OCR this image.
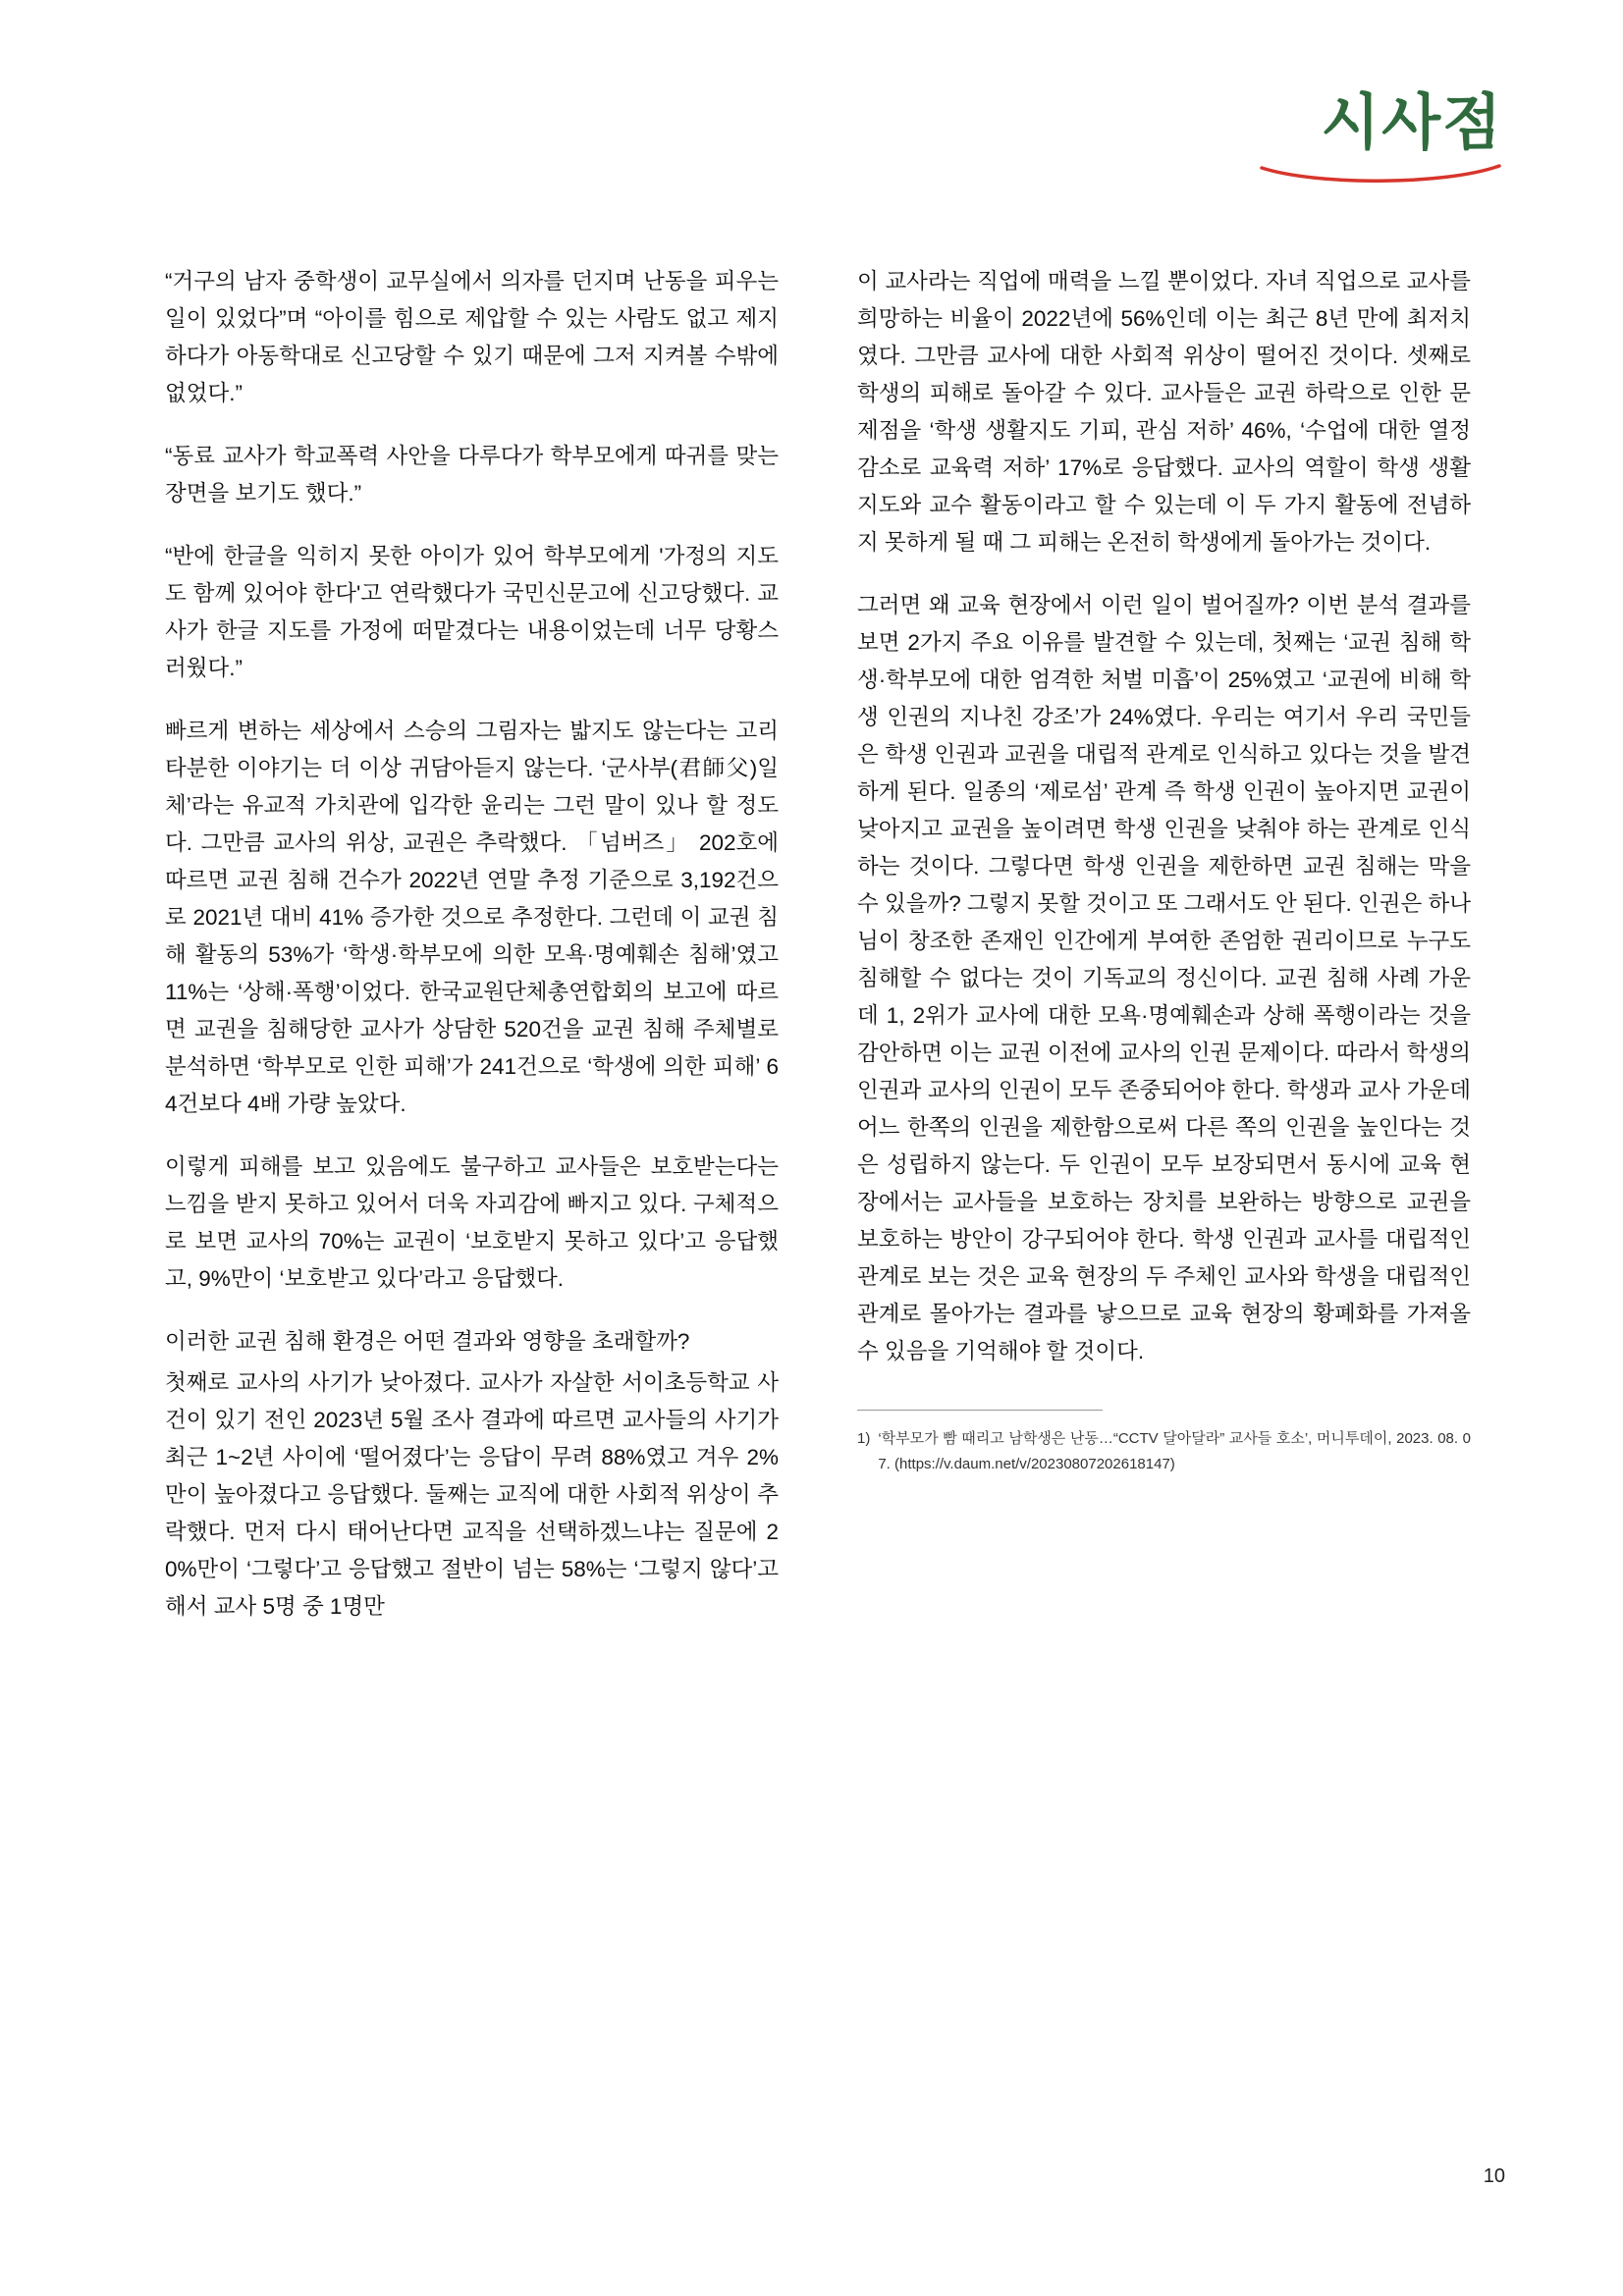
시사점

“거구의 남자 중학생이 교무실에서 의자를 던지며 난동을 피우는 일이 있었다”며 “아이를 힘으로 제압할 수 있는 사람도 없고 제지하다가 아동학대로 신고당할 수 있기 때문에 그저 지켜볼 수밖에 없었다.”

“동료 교사가 학교폭력 사안을 다루다가 학부모에게 따귀를 맞는 장면을 보기도 했다.”

“반에 한글을 익히지 못한 아이가 있어 학부모에게 '가정의 지도도 함께 있어야 한다'고 연락했다가 국민신문고에 신고당했다. 교사가 한글 지도를 가정에 떠맡겼다는 내용이었는데 너무 당황스러웠다.”

빠르게 변하는 세상에서 스승의 그림자는 밟지도 않는다는 고리타분한 이야기는 더 이상 귀담아듣지 않는다. ‘군사부(君師父)일체’라는 유교적 가치관에 입각한 윤리는 그런 말이 있나 할 정도다. 그만큼 교사의 위상, 교권은 추락했다. 「넘버즈」 202호에 따르면 교권 침해 건수가 2022년 연말 추정 기준으로 3,192건으로 2021년 대비 41% 증가한 것으로 추정한다. 그런데 이 교권 침해 활동의 53%가 ‘학생·학부모에 의한 모욕·명예훼손 침해’였고 11%는 ‘상해·폭행’이었다. 한국교원단체총연합회의 보고에 따르면 교권을 침해당한 교사가 상담한 520건을 교권 침해 주체별로 분석하면 ‘학부모로 인한 피해’가 241건으로 ‘학생에 의한 피해’ 64건보다 4배 가량 높았다.

이렇게 피해를 보고 있음에도 불구하고 교사들은 보호받는다는 느낌을 받지 못하고 있어서 더욱 자괴감에 빠지고 있다. 구체적으로 보면 교사의 70%는 교권이 ‘보호받지 못하고 있다’고 응답했고, 9%만이 ‘보호받고 있다’라고 응답했다.

이러한 교권 침해 환경은 어떤 결과와 영향을 초래할까?

첫째로 교사의 사기가 낮아졌다. 교사가 자살한 서이초등학교 사건이 있기 전인 2023년 5월 조사 결과에 따르면 교사들의 사기가 최근 1~2년 사이에 ‘떨어졌다’는 응답이 무려 88%였고 겨우 2%만이 높아졌다고 응답했다. 둘째는 교직에 대한 사회적 위상이 추락했다. 먼저 다시 태어난다면 교직을 선택하겠느냐는 질문에 20%만이 ‘그렇다’고 응답했고 절반이 넘는 58%는 ‘그렇지 않다’고 해서 교사 5명 중 1명만

이 교사라는 직업에 매력을 느낄 뿐이었다. 자녀 직업으로 교사를 희망하는 비율이 2022년에 56%인데 이는 최근 8년 만에 최저치였다. 그만큼 교사에 대한 사회적 위상이 떨어진 것이다. 셋째로 학생의 피해로 돌아갈 수 있다. 교사들은 교권 하락으로 인한 문제점을 ‘학생 생활지도 기피, 관심 저하’ 46%, ‘수업에 대한 열정 감소로 교육력 저하’ 17%로 응답했다. 교사의 역할이 학생 생활지도와 교수 활동이라고 할 수 있는데 이 두 가지 활동에 전념하지 못하게 될 때 그 피해는 온전히 학생에게 돌아가는 것이다.

그러면 왜 교육 현장에서 이런 일이 벌어질까? 이번 분석 결과를 보면 2가지 주요 이유를 발견할 수 있는데, 첫째는 ‘교권 침해 학생·학부모에 대한 엄격한 처벌 미흡’이 25%였고 ‘교권에 비해 학생 인권의 지나친 강조’가 24%였다. 우리는 여기서 우리 국민들은 학생 인권과 교권을 대립적 관계로 인식하고 있다는 것을 발견하게 된다. 일종의 ‘제로섬’ 관계 즉 학생 인권이 높아지면 교권이 낮아지고 교권을 높이려면 학생 인권을 낮춰야 하는 관계로 인식하는 것이다. 그렇다면 학생 인권을 제한하면 교권 침해는 막을 수 있을까? 그렇지 못할 것이고 또 그래서도 안 된다. 인권은 하나님이 창조한 존재인 인간에게 부여한 존엄한 권리이므로 누구도 침해할 수 없다는 것이 기독교의 정신이다. 교권 침해 사례 가운데 1, 2위가 교사에 대한 모욕·명예훼손과 상해 폭행이라는 것을 감안하면 이는 교권 이전에 교사의 인권 문제이다. 따라서 학생의 인권과 교사의 인권이 모두 존중되어야 한다. 학생과 교사 가운데 어느 한쪽의 인권을 제한함으로써 다른 쪽의 인권을 높인다는 것은 성립하지 않는다. 두 인권이 모두 보장되면서 동시에 교육 현장에서는 교사들을 보호하는 장치를 보완하는 방향으로 교권을 보호하는 방안이 강구되어야 한다. 학생 인권과 교사를 대립적인 관계로 보는 것은 교육 현장의 두 주체인 교사와 학생을 대립적인 관계로 몰아가는 결과를 낳으므로 교육 현장의 황폐화를 가져올 수 있음을 기억해야 할 것이다.

1) ‘학부모가 빰 때리고 남학생은 난동…“CCTV 달아달라” 교사들 호소’, 머니투데이, 2023. 08. 07. (https://v.daum.net/v/20230807202618147)
10
